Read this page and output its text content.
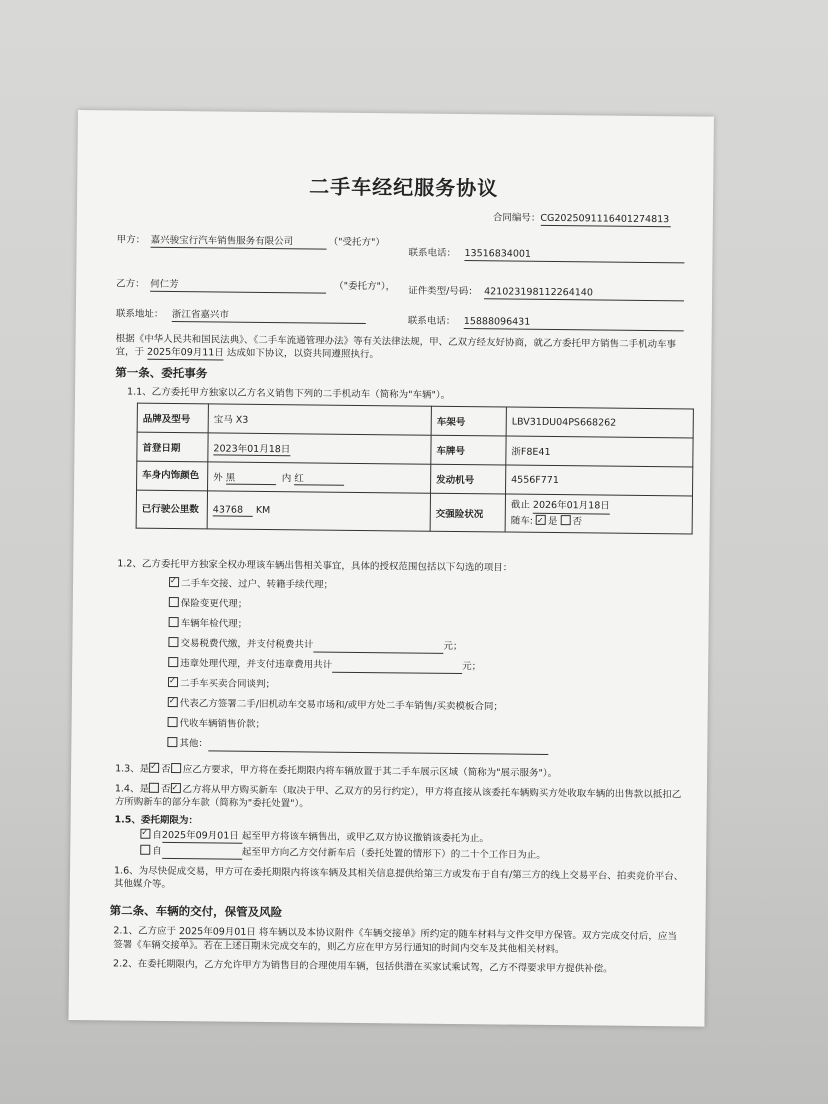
二手车经纪服务协议
合同编号：CG2025091116401274813
甲方： 嘉兴骏宝行汽车销售服务有限公司	（"受托方"）
联系电话： 13516834001
乙方： 何仁芳	（"委托方"）， 证件类型/号码： 421023198112264140
联系地址： 浙江省嘉兴市
联系电话： 15888096431
根据《中华人民共和国民法典》、《二手车流通管理办法》等有关法律法规，甲、乙双方经友好协商，就乙方委托甲方销售二手机动车事宜，于 2025年09月11日 达成如下协议，以资共同遵照执行。
第一条、委托事务
1.1、乙方委托甲方独家以乙方名义销售下列的二手机动车（简称为"车辆"）。
品牌及型号	宝马 X3	车架号	LBV31DU04PS668262
首登日期	2023年01月18日	车牌号	浙F8E41
车身内饰颜色	外 黑 内 红	发动机号	4556F771
已行驶公里数	43768 KM	交强险状况	截止 2026年01月18日
随车: ✓ 是 否
1.2、乙方委托甲方独家全权办理该车辆出售相关事宜，具体的授权范围包括以下勾选的项目：
✓二手车交接、过户、转籍手续代理；
保险变更代理；
车辆年检代理；
交易税费代缴，并支付税费共计	元；
违章处理代理，并支付违章费用共计	元；
✓二手车买卖合同谈判；
✓代表乙方签署二手/旧机动车交易市场和/或甲方处二手车销售/买卖模板合同；
代收车辆销售价款；
其他：
1.3、是 ✓ 否 应乙方要求，甲方将在委托期限内将车辆放置于其二手车展示区域（简称为"展示服务"）。
1.4、是 否 ✓ 乙方将从甲方购买新车（取决于甲、乙双方的另行约定），甲方将直接从该委托车辆购买方处收取车辆的出售款以抵扣乙方所购新车的部分车款（简称为"委托处置"）。
1.5、委托期限为：
✓自2025年09月01日 起至甲方将该车辆售出，或甲乙双方协议撤销该委托为止。
自	起至甲方向乙方交付新车后（委托处置的情形下）的二十个工作日为止。
1.6、为尽快促成交易，甲方可在委托期限内将该车辆及其相关信息提供给第三方或发布于自有/第三方的线上交易平台、拍卖竞价平台、其他媒介等。
第二条、车辆的交付，保管及风险
2.1、乙方应于 2025年09月01日 将车辆以及本协议附件《车辆交接单》所约定的随车材料与文件交甲方保管。双方完成交付后，应当签署《车辆交接单》。若在上述日期未完成交车的，则乙方应在甲方另行通知的时间内交车及其他相关材料。
2.2、在委托期限内，乙方允许甲方为销售目的合理使用车辆，包括供潜在买家试乘试驾，乙方不得要求甲方提供补偿。
